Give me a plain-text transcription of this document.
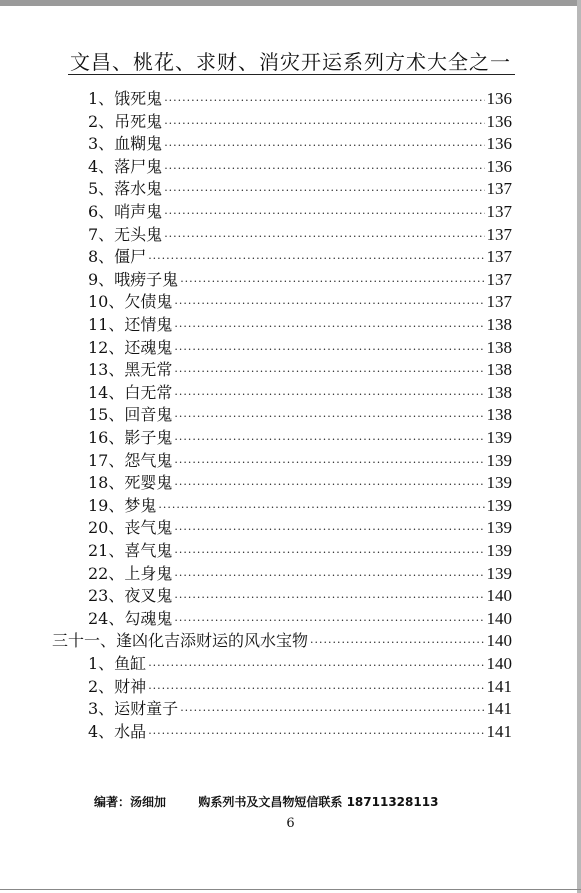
文昌、桃花、求财、消灾开运系列方术大全之一
1、饿死鬼 ·····	136
2、吊死鬼 ·····	136
3、血糊鬼 ·····	136
4、落尸鬼 ·····	136
5、落水鬼 ·····	137
6、哨声鬼 ·····	137
7、无头鬼 ·····	137
8、僵尸 ·····	137
9、哦痨子鬼 ·····	137
10、欠债鬼 ·····	137
11、还情鬼 ·····	138
12、还魂鬼 ·····	138
13、黑无常 ·····	138
14、白无常 ·····	138
15、回音鬼 ·····	138
16、影子鬼 ·····	139
17、怨气鬼 ·····	139
18、死婴鬼 ·····	139
19、梦鬼 ·····	139
20、丧气鬼 ·····	139
21、喜气鬼 ·····	139
22、上身鬼 ·····	139
23、夜叉鬼 ·····	140
24、勾魂鬼 ·····	140
三十一、逢凶化吉添财运的风水宝物 ·····	140
1、鱼缸 ·····	140
2、财神 ·····	141
3、运财童子 ·····	141
4、水晶 ·····	141
编著：汤细加	购系列书及文昌物短信联系 18711328113
6
